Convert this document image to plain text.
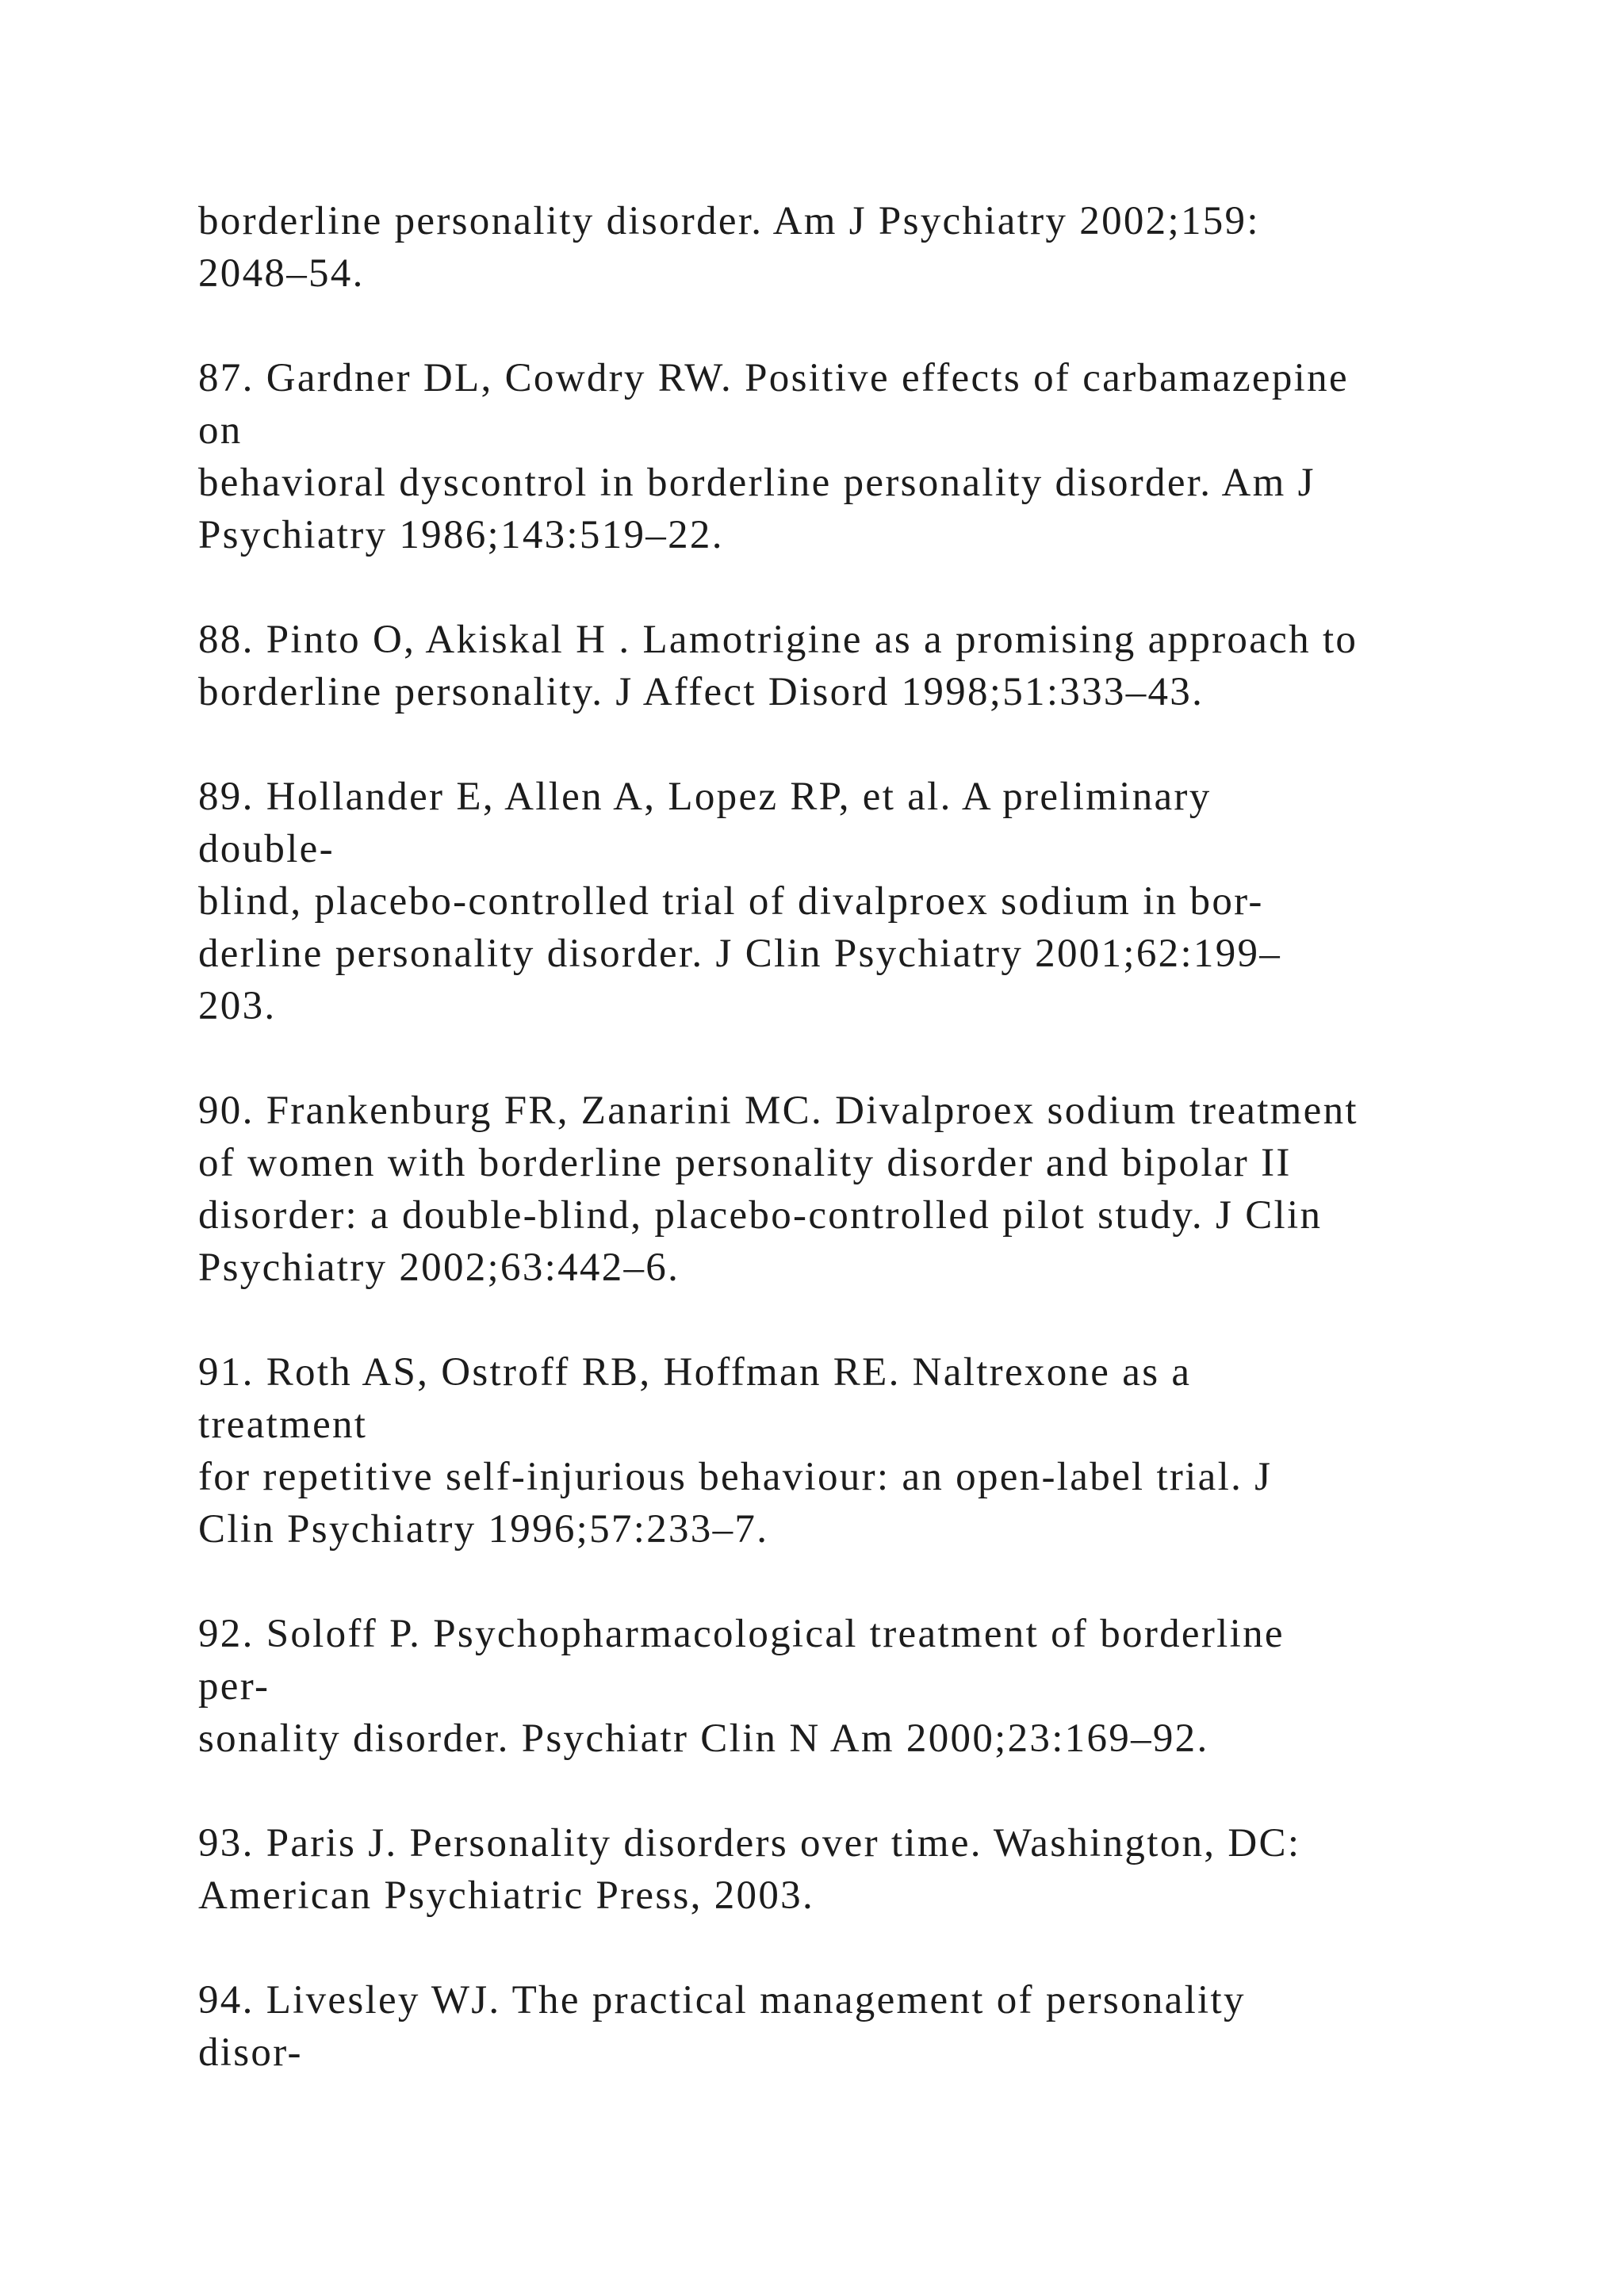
borderline personality disorder. Am J Psychiatry 2002;159:
2048–54.
87. Gardner DL, Cowdry RW. Positive effects of carbamazepine
on
behavioral dyscontrol in borderline personality disorder. Am J
Psychiatry 1986;143:519–22.
88. Pinto O, Akiskal H . Lamotrigine as a promising approach to
borderline personality. J Affect Disord 1998;51:333–43.
89. Hollander E, Allen A, Lopez RP, et al. A preliminary
double-
blind, placebo-controlled trial of divalproex sodium in bor-
derline personality disorder. J Clin Psychiatry 2001;62:199–
203.
90. Frankenburg FR, Zanarini MC. Divalproex sodium treatment
of women with borderline personality disorder and bipolar II
disorder: a double-blind, placebo-controlled pilot study. J Clin
Psychiatry 2002;63:442–6.
91. Roth AS, Ostroff RB, Hoffman RE. Naltrexone as a
treatment
for repetitive self-injurious behaviour: an open-label trial. J
Clin Psychiatry 1996;57:233–7.
92. Soloff P. Psychopharmacological treatment of borderline
per-
sonality disorder. Psychiatr Clin N Am 2000;23:169–92.
93. Paris J. Personality disorders over time. Washington, DC:
American Psychiatric Press, 2003.
94. Livesley WJ. The practical management of personality
disor-
